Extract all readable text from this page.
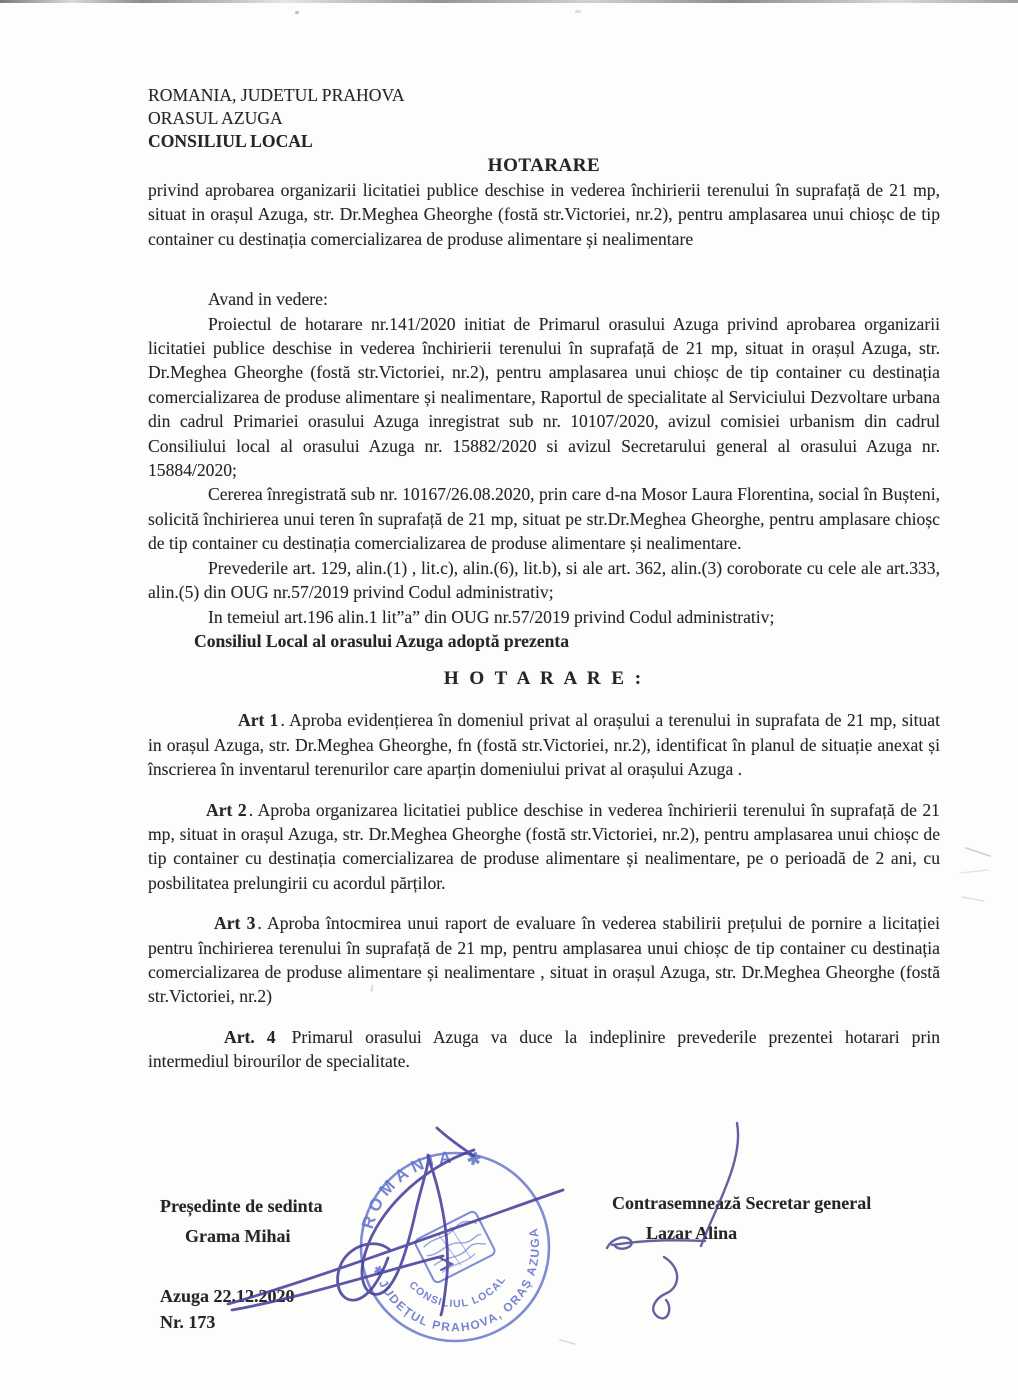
ROMANIA, JUDETUL PRAHOVA
ORASUL AZUGA
CONSILIUL LOCAL
HOTARARE

privind aprobarea organizarii licitatiei publice deschise in vederea închirierii terenului în suprafață de 21 mp, situat in orașul Azuga, str. Dr.Meghea Gheorghe (fostă str.Victoriei, nr.2), pentru amplasarea unui chioșc de tip container cu destinația comercializarea de produse alimentare și nealimentare

Avand in vedere:

Proiectul de hotarare nr.141/2020 initiat de Primarul orasului Azuga privind aprobarea organizarii licitatiei publice deschise in vederea închirierii terenului în suprafață de 21 mp, situat in orașul Azuga, str. Dr.Meghea Gheorghe (fostă str.Victoriei, nr.2), pentru amplasarea unui chioșc de tip container cu destinația comercializarea de produse alimentare și nealimentare, Raportul de specialitate al Serviciului Dezvoltare urbana din cadrul Primariei orasului Azuga inregistrat sub nr. 10107/2020, avizul comisiei urbanism din cadrul Consiliului local al orasului Azuga nr. 15882/2020 si avizul Secretarului general al orasului Azuga nr. 15884/2020;

Cererea înregistrată sub nr. 10167/26.08.2020, prin care d-na Mosor Laura Florentina, social în Bușteni, solicită închirierea unui teren în suprafață de 21 mp, situat pe str.Dr.Meghea Gheorghe, pentru amplasare chioșc de tip container cu destinația comercializarea de produse alimentare și nealimentare.

Prevederile art. 129, alin.(1) , lit.c), alin.(6), lit.b), si ale art. 362, alin.(3) coroborate cu cele ale art.333, alin.(5) din OUG nr.57/2019 privind Codul administrativ;

In temeiul art.196 alin.1 lit”a” din OUG nr.57/2019 privind Codul administrativ;

Consiliul Local al orasului Azuga adoptă prezenta

H O T A R A R E :

Art 1 . Aproba evidențierea în domeniul privat al orașului a terenului in suprafata de 21 mp, situat in orașul Azuga, str. Dr.Meghea Gheorghe, fn (fostă str.Victoriei, nr.2), identificat în planul de situație anexat și înscrierea în inventarul terenurilor care aparțin domeniului privat al orașului Azuga .

Art 2 . Aproba organizarea licitatiei publice deschise in vederea închirierii terenului în suprafață de 21 mp, situat in orașul Azuga, str. Dr.Meghea Gheorghe (fostă str.Victoriei, nr.2), pentru amplasarea unui chioșc de tip container cu destinația comercializarea de produse alimentare și nealimentare, pe o perioadă de 2 ani, cu posbilitatea prelungirii cu acordul părților.

Art 3 . Aproba întocmirea unui raport de evaluare în vederea stabilirii prețului de pornire a licitației pentru închirierea terenului în suprafață de 21 mp, pentru amplasarea unui chioșc de tip container cu destinația comercializarea de produse alimentare și nealimentare , situat in orașul Azuga, str. Dr.Meghea Gheorghe (fostă str.Victoriei, nr.2)

Art. 4 Primarul orasului Azuga va duce la indeplinire prevederile prezentei hotarari prin intermediul birourilor de specialitate.

Președinte de sedinta
Grama Mihai
Contrasemnează Secretar general
Lazar Alina
Azuga 22.12.2020
Nr. 173
ROMANIA ✱
✱ JUDEȚUL PRAHOVA, ORAȘ AZUGA
CONSILIUL LOCAL
